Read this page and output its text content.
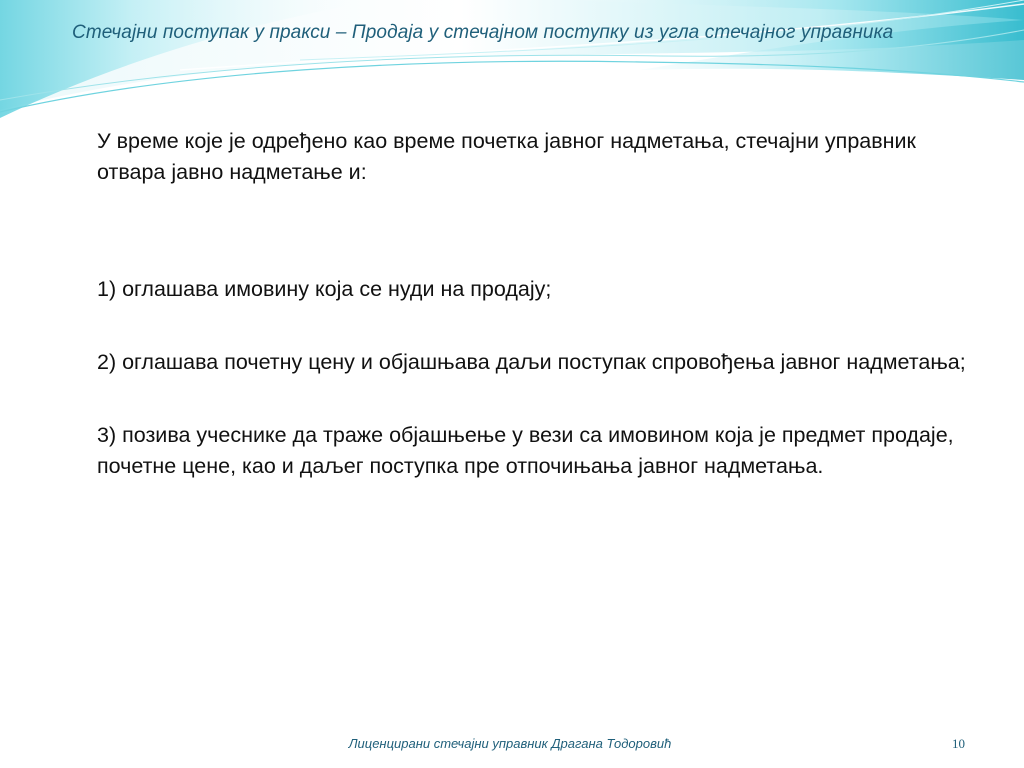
Стечајни поступак у пракси – Продаја у стечајном поступку из угла стечајног управника

У време које је одређено као време почетка јавног надметања, стечајни управник отвара јавно надметање и:

1) оглашава имовину која се нуди на продају;

2) оглашава почетну цену и објашњава даљи поступак спровођења јавног надметања;

3) позива учеснике да траже објашњење у вези са имовином која је предмет продаје, почетне цене, као и даљег поступка пре отпочињања јавног надметања.

Лиценцирани стечајни управник Драгана Тодоровић	10
